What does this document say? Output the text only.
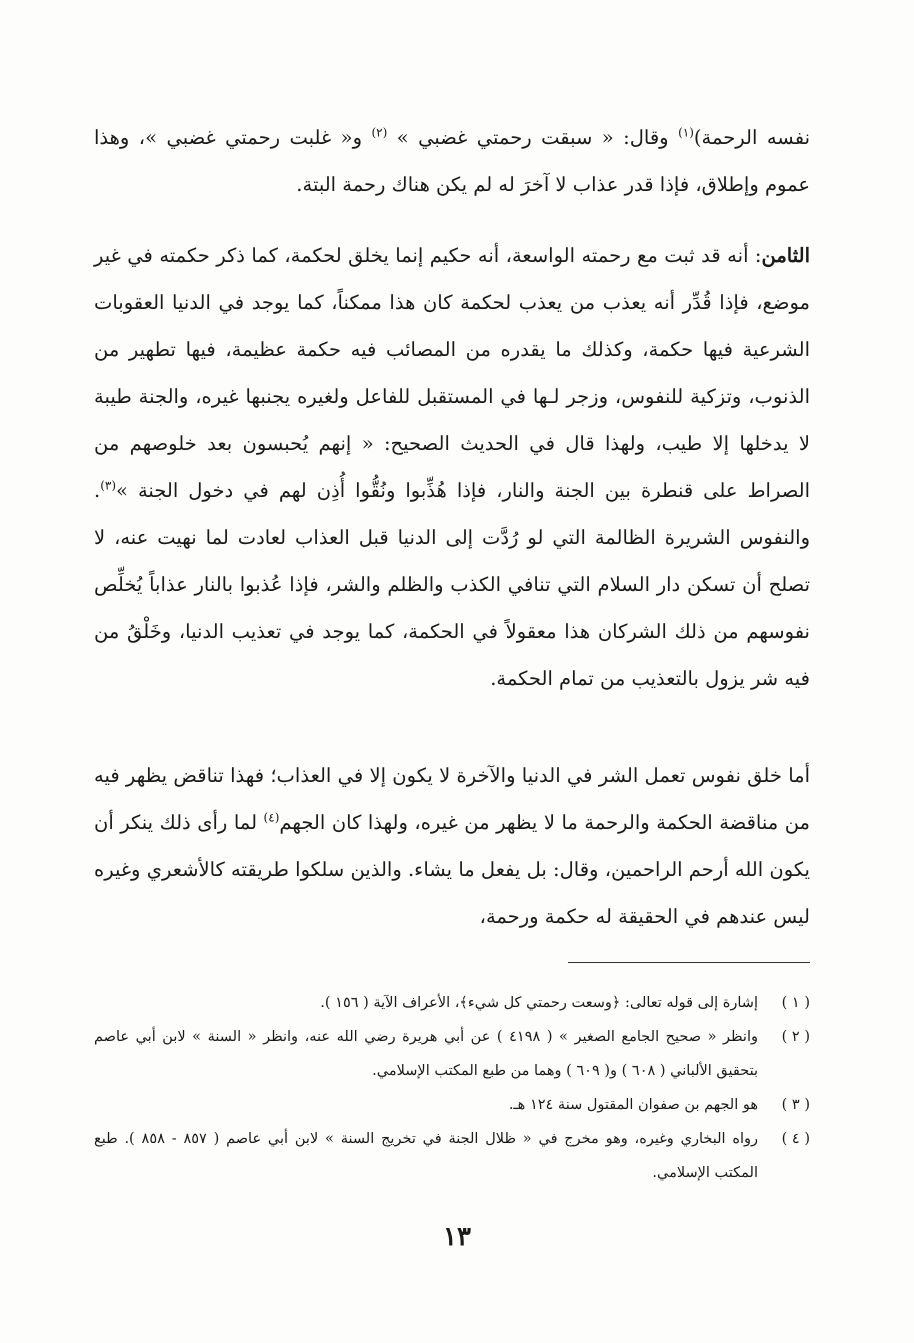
نفسه الرحمة)$^{(١)}$ وقال: « سبقت رحمتي غضبي » $^{(٢)}$ و« غلبت رحمتي غضبي »، وهذا عموم وإطلاق، فإذا قدر عذاب لا آخرَ له لم يكن هناك رحمة البتة.

الثامن: أنه قد ثبت مع رحمته الواسعة، أنه حكيم إنما يخلق لحكمة، كما ذكر حكمته في غير موضع، فإذا قُدِّر أنه يعذب من يعذب لحكمة كان هذا ممكناً، كما يوجد في الدنيا العقوبات الشرعية فيها حكمة، وكذلك ما يقدره من المصائب فيه حكمة عظيمة، فيها تطهير من الذنوب، وتزكية للنفوس، وزجر لـها في المستقبل للفاعل ولغيره يجنبها غيره، والجنة طيبة لا يدخلها إلا طيب، ولهذا قال في الحديث الصحيح: « إنهم يُحبسون بعد خلوصهم من الصراط على قنطرة بين الجنة والنار، فإذا هُذِّبوا ونُقُّوا أُذِن لهم في دخول الجنة »$^{(٣)}$. والنفوس الشريرة الظالمة التي لو رُدَّت إلى الدنيا قبل العذاب لعادت لما نهيت عنه، لا تصلح أن تسكن دار السلام التي تنافي الكذب والظلم والشر، فإذا عُذبوا بالنار عذاباً يُخلِّص نفوسهم من ذلك الشركان هذا معقولاً في الحكمة، كما يوجد في تعذيب الدنيا، وخَلْقُ من فيه شر يزول بالتعذيب من تمام الحكمة.

أما خلق نفوس تعمل الشر في الدنيا والآخرة لا يكون إلا في العذاب؛ فهذا تناقض يظهر فيه من مناقضة الحكمة والرحمة ما لا يظهر من غيره، ولهذا كان الجهم$^{(٤)}$ لما رأى ذلك ينكر أن يكون الله أرحم الراحمين، وقال: بل يفعل ما يشاء. والذين سلكوا طريقته كالأشعري وغيره ليس عندهم في الحقيقة له حكمة ورحمة،

( ١ )
إشارة إلى قوله تعالى: ﴿وسعت رحمتي كل شيء﴾، الأعراف الآية ( ١٥٦ ).
( ٢ )
وانظر « صحيح الجامع الصغير » ( ٤١٩٨ ) عن أبي هريرة رضي الله عنه، وانظر « السنة » لابن أبي عاصم بتحقيق الألباني ( ٦٠٨ ) و( ٦٠٩ ) وهما من طبع المكتب الإسلامي.
( ٣ )
هو الجهم بن صفوان المقتول سنة ١٢٤ هـ.
( ٤ )
رواه البخاري وغيره، وهو مخرج في « ظلال الجنة في تخريج السنة » لابن أبي عاصم ( ٨٥٧ - ٨٥٨ ). طبع المكتب الإسلامي.
١٣
